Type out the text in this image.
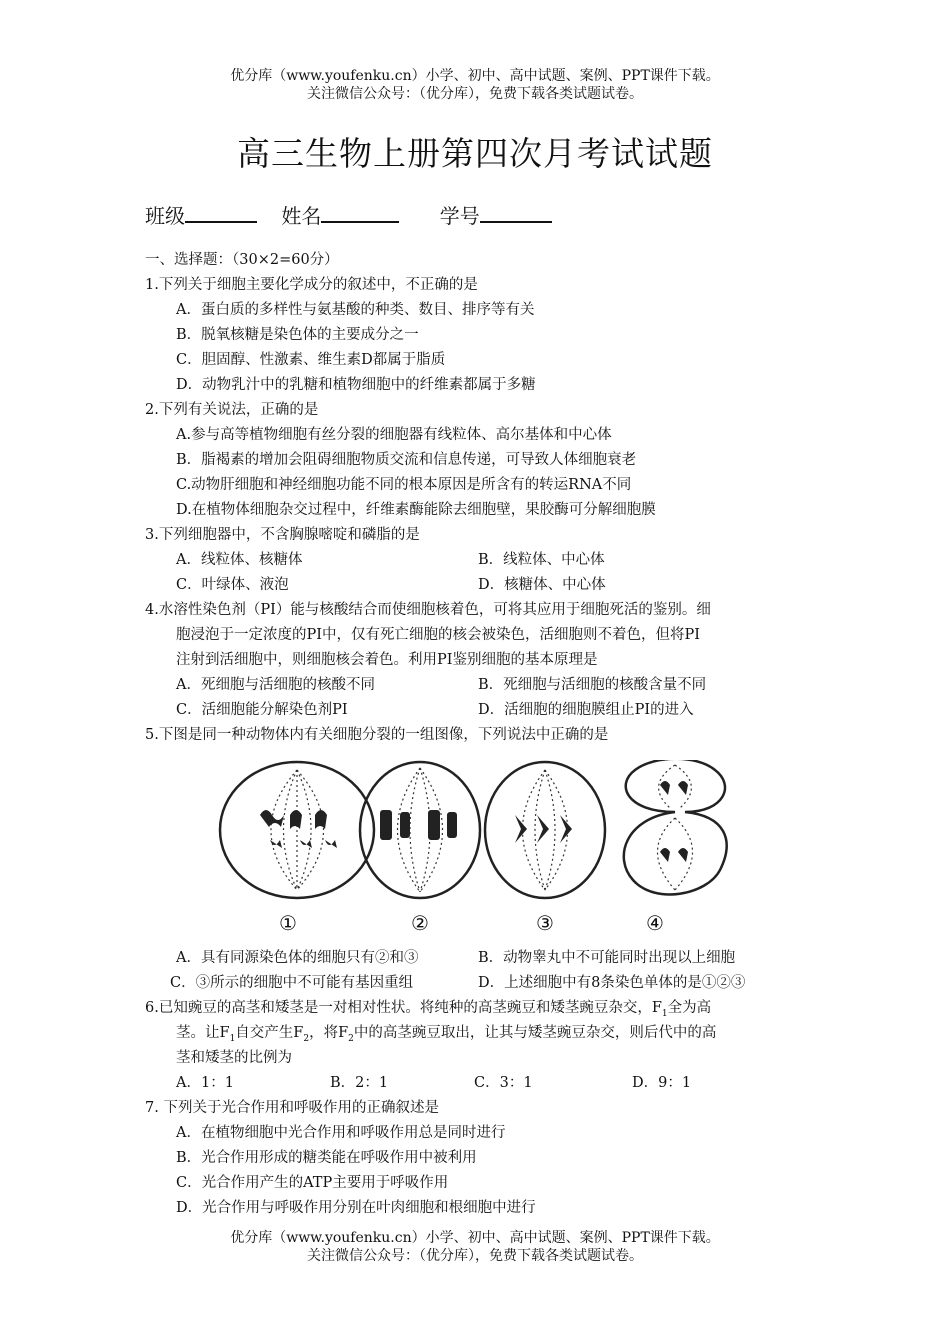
优分库（www.youfenku.cn）小学、初中、高中试题、案例、PPT课件下载。
关注微信公众号：（优分库），免费下载各类试题试卷。
高三生物上册第四次月考试试题
班级	姓名	学号
一、选择题：（30×2=60分）
1.下列关于细胞主要化学成分的叙述中，不正确的是
A．蛋白质的多样性与氨基酸的种类、数目、排序等有关
B．脱氧核糖是染色体的主要成分之一
C．胆固醇、性激素、维生素D都属于脂质
D．动物乳汁中的乳糖和植物细胞中的纤维素都属于多糖
2.下列有关说法，正确的是
A.参与高等植物细胞有丝分裂的细胞器有线粒体、高尔基体和中心体
B．脂褐素的增加会阻碍细胞物质交流和信息传递，可导致人体细胞衰老
C.动物肝细胞和神经细胞功能不同的根本原因是所含有的转运RNA不同
D.在植物体细胞杂交过程中，纤维素酶能除去细胞壁，果胶酶可分解细胞膜
3.下列细胞器中，不含胸腺嘧啶和磷脂的是
A．线粒体、核糖体	B．线粒体、中心体
C．叶绿体、液泡	D．核糖体、中心体
4.水溶性染色剂（PI）能与核酸结合而使细胞核着色，可将其应用于细胞死活的鉴别。细
胞浸泡于一定浓度的PI中，仅有死亡细胞的核会被染色，活细胞则不着色，但将PI
注射到活细胞中，则细胞核会着色。利用PI鉴别细胞的基本原理是
A．死细胞与活细胞的核酸不同	B．死细胞与活细胞的核酸含量不同
C．活细胞能分解染色剂PI	D．活细胞的细胞膜组止PI的进入
5.下图是同一种动物体内有关细胞分裂的一组图像，下列说法中正确的是
①	②	③	④
A．具有同源染色体的细胞只有②和③	B．动物睾丸中不可能同时出现以上细胞
C．③所示的细胞中不可能有基因重组	D．上述细胞中有8条染色单体的是①②③
6.已知豌豆的高茎和矮茎是一对相对性状。将纯种的高茎豌豆和矮茎豌豆杂交，$F_1$全为高
茎。让$F_1$自交产生$F_2$，将$F_2$中的高茎豌豆取出，让其与矮茎豌豆杂交，则后代中的高
茎和矮茎的比例为
A．1：1	B．2：1	C．3：1	D．9：1
7. 下列关于光合作用和呼吸作用的正确叙述是
A．在植物细胞中光合作用和呼吸作用总是同时进行
B．光合作用形成的糖类能在呼吸作用中被利用
C．光合作用产生的ATP主要用于呼吸作用
D．光合作用与呼吸作用分别在叶肉细胞和根细胞中进行
优分库（www.youfenku.cn）小学、初中、高中试题、案例、PPT课件下载。
关注微信公众号：（优分库），免费下载各类试题试卷。
